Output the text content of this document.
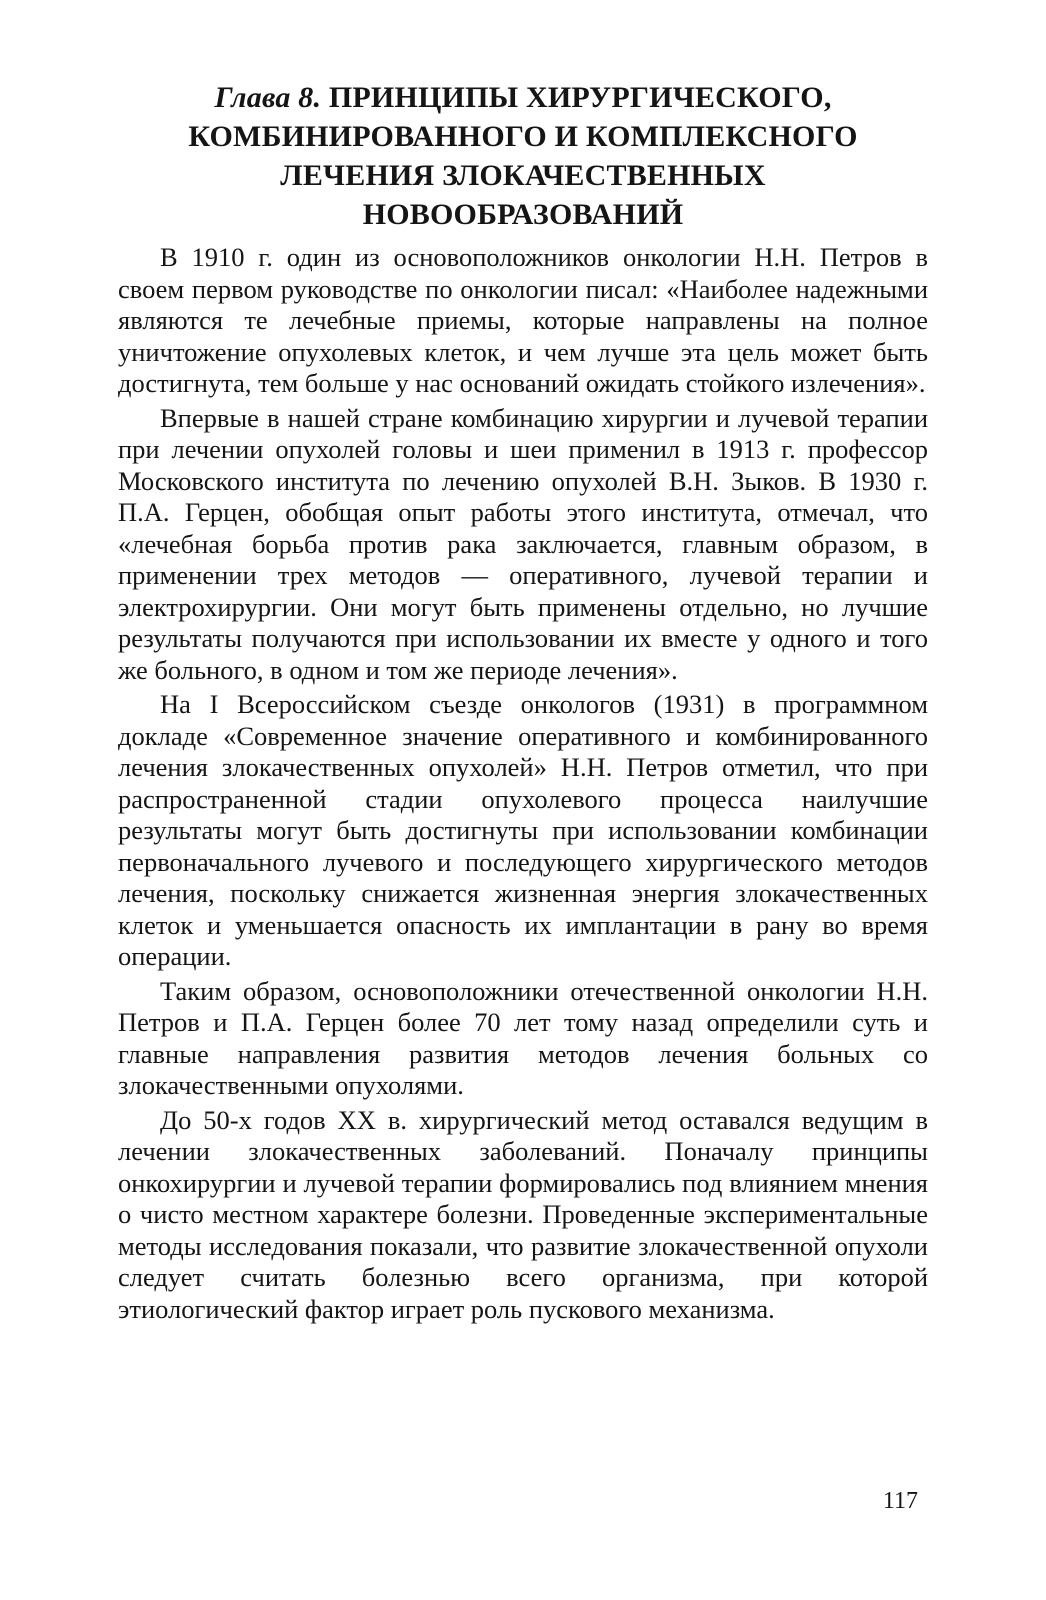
Глава 8. ПРИНЦИПЫ ХИРУРГИЧЕСКОГО, КОМБИНИРОВАННОГО И КОМПЛЕКСНОГО ЛЕЧЕНИЯ ЗЛОКАЧЕСТВЕННЫХ НОВООБРАЗОВАНИЙ

В 1910 г. один из основоположников онкологии Н.Н. Петров в своем первом руководстве по онкологии писал: «Наиболее надежными являются те лечебные приемы, которые направлены на полное уничтожение опухолевых клеток, и чем лучше эта цель может быть достигнута, тем больше у нас оснований ожидать стойкого излечения».

Впервые в нашей стране комбинацию хирургии и лучевой терапии при лечении опухолей головы и шеи применил в 1913 г. профессор Московского института по лечению опухолей В.Н. Зыков. В 1930 г. П.А. Герцен, обобщая опыт работы этого института, отмечал, что «лечебная борьба против рака заключается, главным образом, в применении трех методов — оперативного, лучевой терапии и электрохирургии. Они могут быть применены отдельно, но лучшие результаты получаются при использовании их вместе у одного и того же больного, в одном и том же периоде лечения».

На I Всероссийском съезде онкологов (1931) в программном докладе «Современное значение оперативного и комбинированного лечения злокачественных опухолей» Н.Н. Петров отметил, что при распространенной стадии опухолевого процесса наилучшие результаты могут быть достигнуты при использовании комбинации первоначального лучевого и последующего хирургического методов лечения, поскольку снижается жизненная энергия злокачественных клеток и уменьшается опасность их имплантации в рану во время операции.

Таким образом, основоположники отечественной онкологии Н.Н. Петров и П.А. Герцен более 70 лет тому назад определили суть и главные направления развития методов лечения больных со злокачественными опухолями.

До 50-х годов XX в. хирургический метод оставался ведущим в лечении злокачественных заболеваний. Поначалу принципы онкохирургии и лучевой терапии формировались под влиянием мнения о чисто местном характере болезни. Проведенные экспериментальные методы исследования показали, что развитие злокачественной опухоли следует считать болезнью всего организма, при которой этиологический фактор играет роль пускового механизма.

117
